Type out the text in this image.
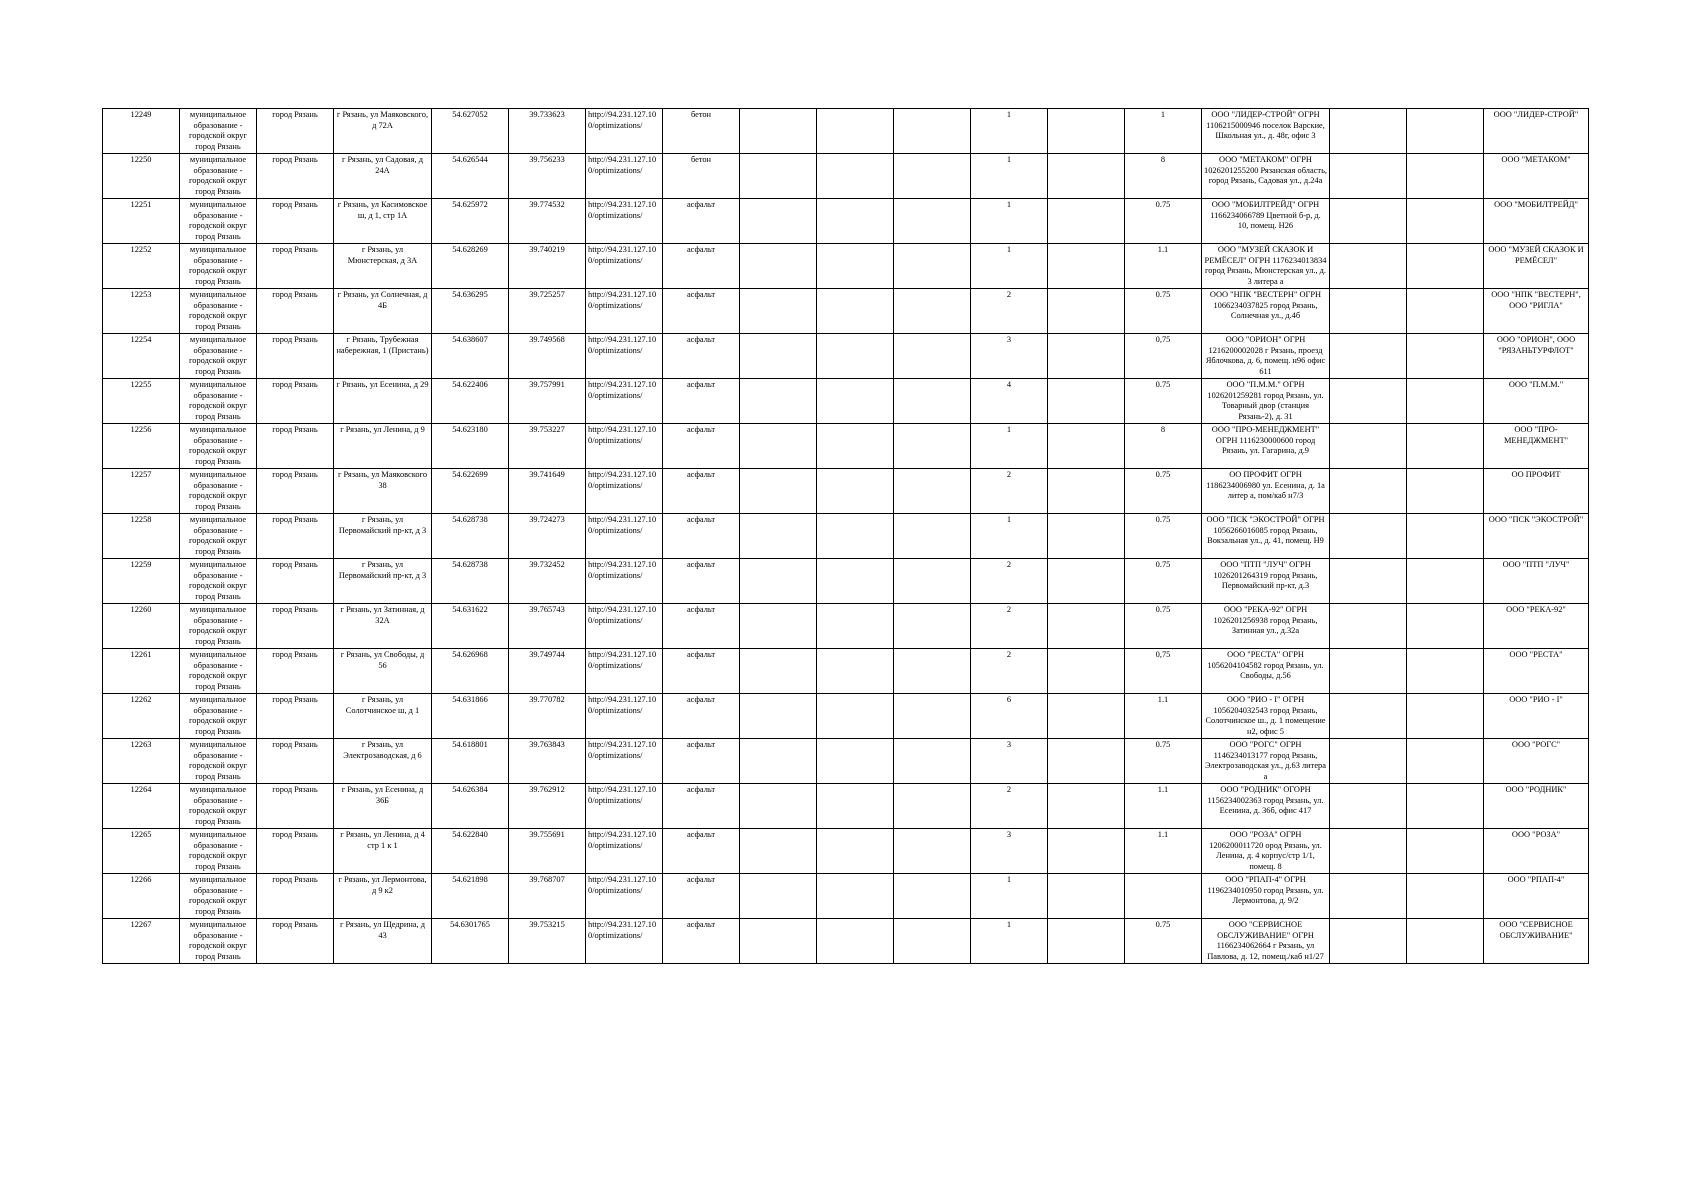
12249	муниципальное образование - городской округ город Рязань	город Рязань	г Рязань, ул Маяковского, д 72А	54.627052	39.733623	http://94.231.127.100/optimizations/	бетон				1		1	ООО "ЛИДЕР-СТРОЙ" ОГРН 1106215000946 поселок Варские, Школьная ул., д. 48г, офис 3			ООО "ЛИДЕР-СТРОЙ"
12250	муниципальное образование - городской округ город Рязань	город Рязань	г Рязань, ул Садовая, д 24А	54.626544	39.756233	http://94.231.127.100/optimizations/	бетон				1		8	ООО "МЕТАКОМ" ОГРН 1026201255200 Рязанская область, город Рязань, Садовая ул., д.24а			ООО "МЕТАКОМ"
12251	муниципальное образование - городской округ город Рязань	город Рязань	г Рязань, ул Касимовское ш, д 1, стр 1А	54.625972	39.774532	http://94.231.127.100/optimizations/	асфальт				1		0.75	ООО "МОБИЛТРЕЙД" ОГРН 1166234066789 Цветной б-р, д. 10, помещ. Н26			ООО "МОБИЛТРЕЙД"
12252	муниципальное образование - городской округ город Рязань	город Рязань	г Рязань, ул Мюнстерская, д 3А	54.628269	39.740219	http://94.231.127.100/optimizations/	асфальт				1		1.1	ООО "МУЗЕЙ СКАЗОК И РЕМЁСЕЛ" ОГРН 1176234013834 город Рязань, Мюнстерская ул., д. 3 литера а			ООО "МУЗЕЙ СКАЗОК И РЕМЁСЕЛ"
12253	муниципальное образование - городской округ город Рязань	город Рязань	г Рязань, ул Солнечная, д 4Б	54.636295	39.725257	http://94.231.127.100/optimizations/	асфальт				2		0.75	ООО "НПК "ВЕСТЕРН" ОГРН 1066234037825 город Рязань, Солнечная ул., д.4б			ООО "НПК "ВЕСТЕРН", ООО "РИГЛА"
12254	муниципальное образование - городской округ город Рязань	город Рязань	г Рязань, Трубежная набережная, 1 (Пристань)	54.638607	39.749568	http://94.231.127.100/optimizations/	асфальт				3		0,75	ООО "ОРИОН" ОГРН 1216200002028 г Рязань, проезд Яблочкова, д. 6, помещ. н96 офис 611			ООО "ОРИОН", ООО "РЯЗАНЬТУРФЛОТ"
12255	муниципальное образование - городской округ город Рязань	город Рязань	г Рязань, ул Есенина, д 29	54.622406	39.757991	http://94.231.127.100/optimizations/	асфальт				4		0.75	ООО "П.М.М." ОГРН 1026201259281 город Рязань, ул. Товарный двор (станция Рязань-2), д. 31			ООО "П.М.М."
12256	муниципальное образование - городской округ город Рязань	город Рязань	г Рязань, ул Ленина, д 9	54.623180	39.753227	http://94.231.127.100/optimizations/	асфальт				1		8	ООО "ПРО-МЕНЕДЖМЕНТ" ОГРН 1116230000600 город Рязань, ул. Гагарина, д.9			ООО "ПРО-МЕНЕДЖМЕНТ"
12257	муниципальное образование - городской округ город Рязань	город Рязань	г Рязань, ул Маяковского 38	54.622699	39.741649	http://94.231.127.100/optimizations/	асфальт				2		0.75	ОО ПРОФИТ ОГРН 1186234006980 ул. Есенина, д. 1а литер а, пом/каб н7/3			ОО ПРОФИТ
12258	муниципальное образование - городской округ город Рязань	город Рязань	г Рязань, ул Первомайский пр-кт, д 3	54.628738	39.724273	http://94.231.127.100/optimizations/	асфальт				1		0.75	ООО "ПСК "ЭКОСТРОЙ" ОГРН 1056266016085 город Рязань, Вокзальная ул., д. 41, помещ. Н9			ООО "ПСК "ЭКОСТРОЙ"
12259	муниципальное образование - городской округ город Рязань	город Рязань	г Рязань, ул Первомайский пр-кт, д 3	54.628738	39.732452	http://94.231.127.100/optimizations/	асфальт				2		0.75	ООО "ПТП "ЛУЧ" ОГРН 1026201264319 город Рязань, Первомайский пр-кт, д.3			ООО "ПТП "ЛУЧ"
12260	муниципальное образование - городской округ город Рязань	город Рязань	г Рязань, ул Затинная, д 32А	54.631622	39.765743	http://94.231.127.100/optimizations/	асфальт				2		0.75	ООО "РЕКА-92" ОГРН 1026201256938 город Рязань, Затинная ул., д.32а			ООО "РЕКА-92"
12261	муниципальное образование - городской округ город Рязань	город Рязань	г Рязань, ул Свободы, д 56	54.626968	39.749744	http://94.231.127.100/optimizations/	асфальт				2		0,75	ООО "РЕСТА" ОГРН 1056204104582 город Рязань, ул. Свободы, д.56			ООО "РЕСТА"
12262	муниципальное образование - городской округ город Рязань	город Рязань	г Рязань, ул Солотчинское ш, д 1	54.631866	39.770782	http://94.231.127.100/optimizations/	асфальт				6		1.1	ООО "РИО - I" ОГРН 1056204032543 город Рязань, Солотчинское ш., д. 1 помещение н2, офис 5			ООО "РИО - I"
12263	муниципальное образование - городской округ город Рязань	город Рязань	г Рязань, ул Электрозаводская, д 6	54.618801	39.763843	http://94.231.127.100/optimizations/	асфальт				3		0.75	ООО "РОГС" ОГРН 1146234013177 город Рязань, Электрозаводская ул., д.63 литера а			ООО "РОГС"
12264	муниципальное образование - городской округ город Рязань	город Рязань	г Рязань, ул Есенина, д 36Б	54.626384	39.762912	http://94.231.127.100/optimizations/	асфальт				2		1.1	ООО "РОДНИК" ОГОРН 1156234002363 город Рязань, ул. Есенина, д. 36б, офис 417			ООО "РОДНИК"
12265	муниципальное образование - городской округ город Рязань	город Рязань	г Рязань, ул Ленина, д 4 стр 1 к 1	54.622840	39.755691	http://94.231.127.100/optimizations/	асфальт				3		1.1	ООО "РОЗА" ОГРН 1206200011720 ород Рязань, ул. Ленина, д. 4 корпус/стр 1/1, помещ. 8			ООО "РОЗА"
12266	муниципальное образование - городской округ город Рязань	город Рязань	г Рязань, ул Лермонтова, д 9 к2	54.621898	39.768707	http://94.231.127.100/optimizations/	асфальт				1			ООО "РПАП-4" ОГРН 1196234010950 город Рязань, ул. Лермонтова, д. 9/2			ООО "РПАП-4"
12267	муниципальное образование - городской округ город Рязань	город Рязань	г Рязань, ул Щедрина, д 43	54.6301765	39.753215	http://94.231.127.100/optimizations/	асфальт				1		0.75	ООО "СЕРВИСНОЕ ОБСЛУЖИВАНИЕ" ОГРН 1166234062664 г Рязань, ул Павлова, д. 12, помещ./каб н1/27			ООО "СЕРВИСНОЕ ОБСЛУЖИВАНИЕ"
